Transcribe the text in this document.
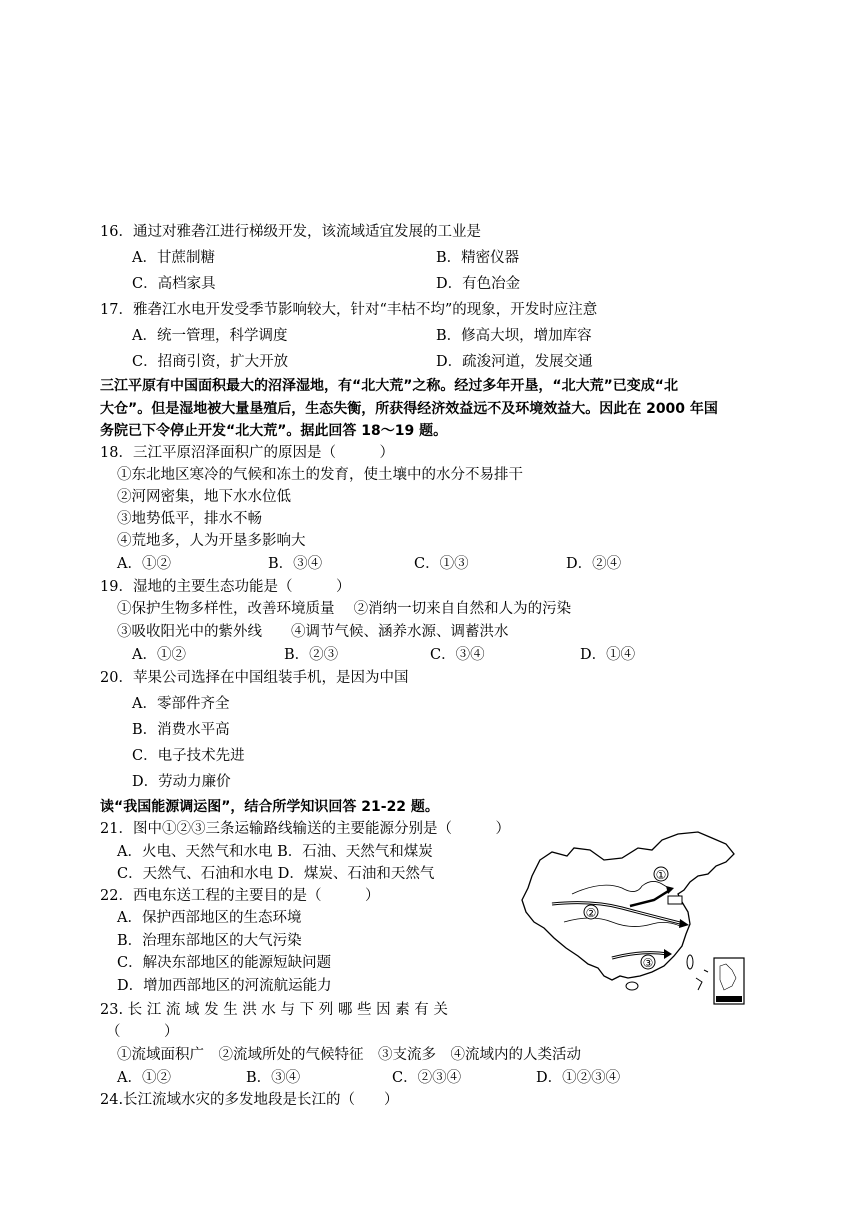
16．通过对雅砻江进行梯级开发，该流域适宜发展的工业是
A．甘蔗制糖	B．精密仪器
C．高档家具	D．有色冶金
17．雅砻江水电开发受季节影响较大，针对“丰枯不均”的现象，开发时应注意
A．统一管理，科学调度	B．修高大坝，增加库容
C．招商引资，扩大开放	D．疏浚河道，发展交通
三江平原有中国面积最大的沼泽湿地，有“北大荒”之称。经过多年开垦，“北大荒”已变成“北
大仓”。但是湿地被大量垦殖后，生态失衡，所获得经济效益远不及环境效益大。因此在 2000 年国
务院已下令停止开发“北大荒”。据此回答 18～19 题。
18．三江平原沼泽面积广的原因是（　　　）
①东北地区寒冷的气候和冻土的发育，使土壤中的水分不易排干
②河网密集，地下水水位低
③地势低平，排水不畅
④荒地多，人为开垦多影响大
A．①②	B．③④	C．①③	D．②④
19．湿地的主要生态功能是（　　　）
①保护生物多样性，改善环境质量　 ②消纳一切来自自然和人为的污染
③吸收阳光中的紫外线　　④调节气候、涵养水源、调蓄洪水
A．①②	B．②③	C．③④	D．①④
20．苹果公司选择在中国组装手机，是因为中国
A．零部件齐全
B．消费水平高
C．电子技术先进
D．劳动力廉价
读“我国能源调运图”，结合所学知识回答 21-22 题。
21．图中①②③三条运输路线输送的主要能源分别是（　　　）
A．火电、天然气和水电 B．石油、天然气和煤炭
C．天然气、石油和水电 D．煤炭、石油和天然气
22．西电东送工程的主要目的是（　　　）
A．保护西部地区的生态环境
B．治理东部地区的大气污染
C．解决东部地区的能源短缺问题
D．增加西部地区的河流航运能力
23. 长 江 流 域 发 生 洪 水 与 下 列 哪 些 因 素 有 关
（　　　）
①流域面积广　②流域所处的气候特征　③支流多　④流域内的人类活动
A．①②	B．③④	C．②③④	D．①②③④
24.长江流域水灾的多发地段是长江的（　　）
①
②
③
